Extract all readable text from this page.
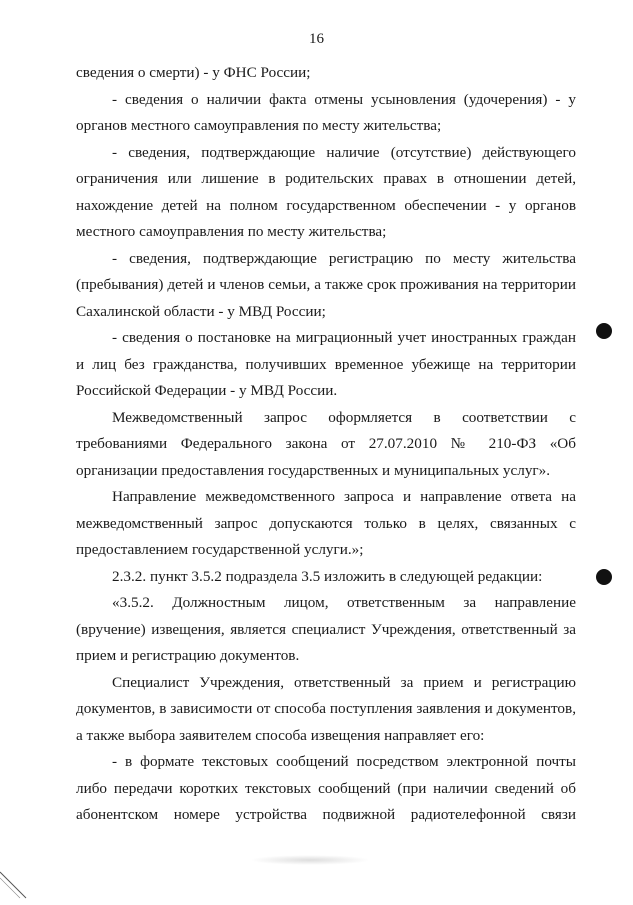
16

сведения о смерти) - у ФНС России;

- сведения о наличии факта отмены усыновления (удочерения) - у органов местного самоуправления по месту жительства;

- сведения, подтверждающие наличие (отсутствие) действующего ограничения или лишение в родительских правах в отношении детей, нахождение детей на полном государственном обеспечении - у органов местного самоуправления по месту жительства;

- сведения, подтверждающие регистрацию по месту жительства (пребывания) детей и членов семьи, а также срок проживания на территории Сахалинской области - у МВД России;

- сведения о постановке на миграционный учет иностранных граждан и лиц без гражданства, получивших временное убежище на территории Российской Федерации - у МВД России.

Межведомственный запрос оформляется в соответствии с требованиями Федерального закона от 27.07.2010 № 210-ФЗ «Об организации предоставления государственных и муниципальных услуг».

Направление межведомственного запроса и направление ответа на межведомственный запрос допускаются только в целях, связанных с предоставлением государственной услуги.»;

2.3.2. пункт 3.5.2 подраздела 3.5 изложить в следующей редакции:

«3.5.2. Должностным лицом, ответственным за направление (вручение) извещения, является специалист Учреждения, ответственный за прием и регистрацию документов.

Специалист Учреждения, ответственный за прием и регистрацию документов, в зависимости от способа поступления заявления и документов, а также выбора заявителем способа извещения направляет его:

- в формате текстовых сообщений посредством электронной почты либо передачи коротких текстовых сообщений (при наличии сведений об абонентском номере устройства подвижной радиотелефонной связи
